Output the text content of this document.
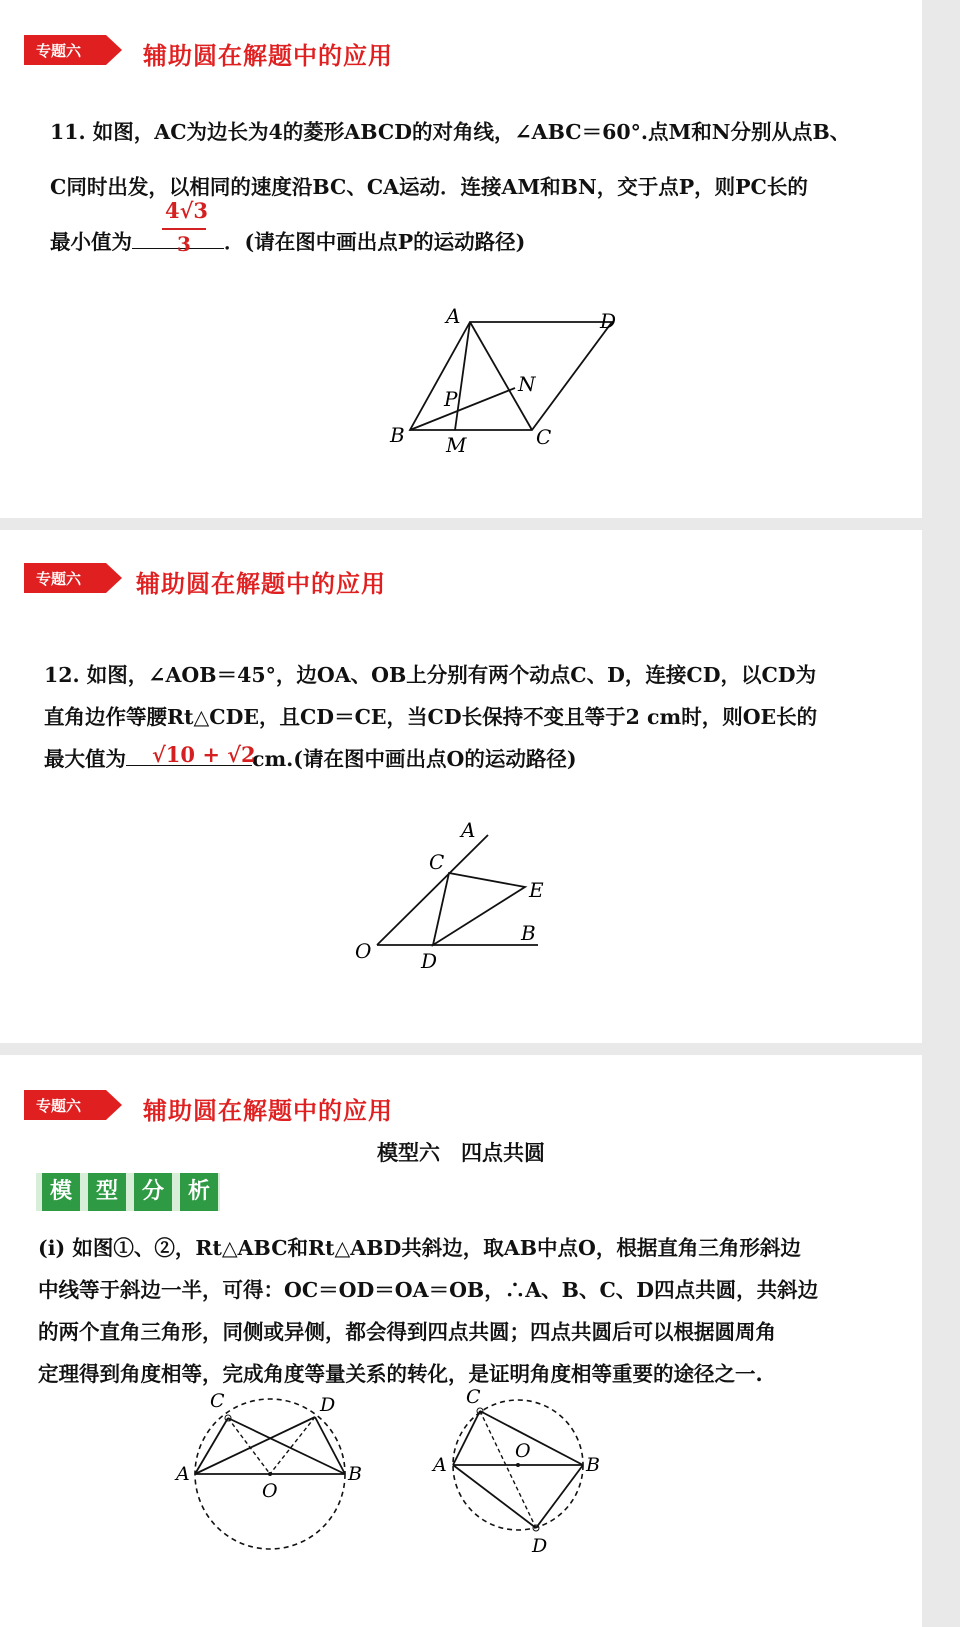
专题六	辅助圆在解题中的应用
11. 如图，AC为边长为4的菱形ABCD的对角线，∠ABC＝60°.点M和N分别从点B、
C同时出发，以相同的速度沿BC、CA运动．连接AM和BN，交于点P，则PC长的
最小值为	．(请在图中画出点P的运动路径)
4√3
3
A	D
B	C
M
N
P
专题六 辅助圆在解题中的应用
12. 如图，∠AOB＝45°，边OA、OB上分别有两个动点C、D，连接CD，以CD为
直角边作等腰Rt△CDE，且CD＝CE，当CD长保持不变且等于2 cm时，则OE长的
最大值为	cm.(请在图中画出点O的运动路径)
√10 + √2
A
C
E
B
O D
专题六	辅助圆在解题中的应用
模型六　四点共圆
模	型	分	析
(ⅰ) 如图①、②，Rt△ABC和Rt△ABD共斜边，取AB中点O，根据直角三角形斜边
中线等于斜边一半，可得：OC＝OD＝OA＝OB，∴A、B、C、D四点共圆，共斜边
的两个直角三角形，同侧或异侧，都会得到四点共圆；四点共圆后可以根据圆周角
定理得到角度相等，完成角度等量关系的转化，是证明角度相等重要的途径之一.
C	D
A	B
O
C
A	B
O
D
